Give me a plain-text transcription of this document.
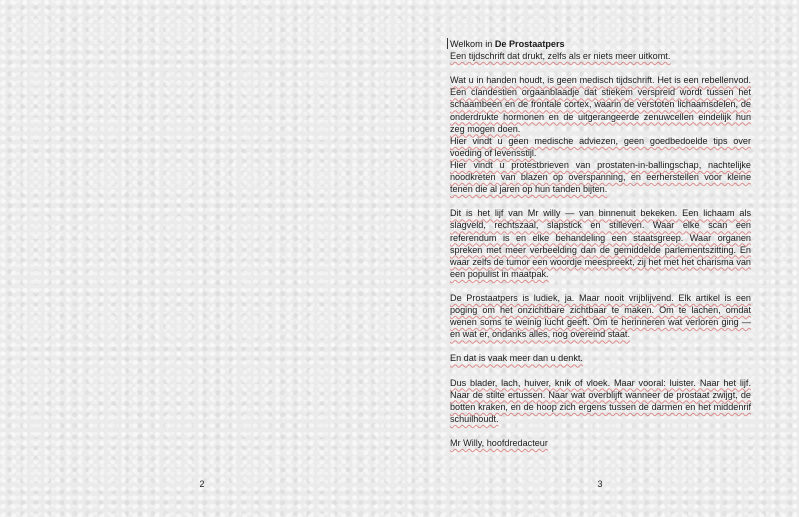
2

Welkom in De Prostaatpers

Een tijdschrift dat drukt, zelfs als er niets meer uitkomt.

Wat u in handen houdt, is geen medisch tijdschrift. Het is een rebellenvod. Een clandestien orgaanblaadje dat stiekem verspreid wordt tussen het schaambeen en de frontale cortex, waarin de verstoten lichaamsdelen, de onderdrukte hormonen en de uitgerangeerde zenuwcellen eindelijk hun zeg mogen doen.

Hier vindt u geen medische adviezen, geen goedbedoelde tips over voeding of levensstijl.

Hier vindt u protestbrieven van prostaten-in-ballingschap, nachtelijke noodkreten van blazen op overspanning, en eerherstellen voor kleine tenen die al jaren op hun tanden bijten.

Dit is het lijf van Mr willy — van binnenuit bekeken. Een lichaam als slagveld, rechtszaal, slapstick en stilleven. Waar elke scan een referendum is en elke behandeling een staatsgreep. Waar organen spreken met meer verbeelding dan de gemiddelde parlementszitting. En waar zelfs de tumor een woordje meespreekt, zij het met het charisma van een populist in maatpak.

De Prostaatpers is ludiek, ja. Maar nooit vrijblijvend. Elk artikel is een poging om het onzichtbare zichtbaar te maken. Om te lachen, omdat wenen soms te weinig lucht geeft. Om te herinneren wat verloren ging — en wat er, ondanks alles, nog overeind staat.

En dat is vaak meer dan u denkt.

Dus blader, lach, huiver, knik of vloek. Maar vooral: luister. Naar het lijf. Naar de stilte ertussen. Naar wat overblijft wanneer de prostaat zwijgt, de botten kraken, en de hoop zich ergens tussen de darmen en het middenrif schuilhoudt.

Mr Willy, hoofdredacteur

3
